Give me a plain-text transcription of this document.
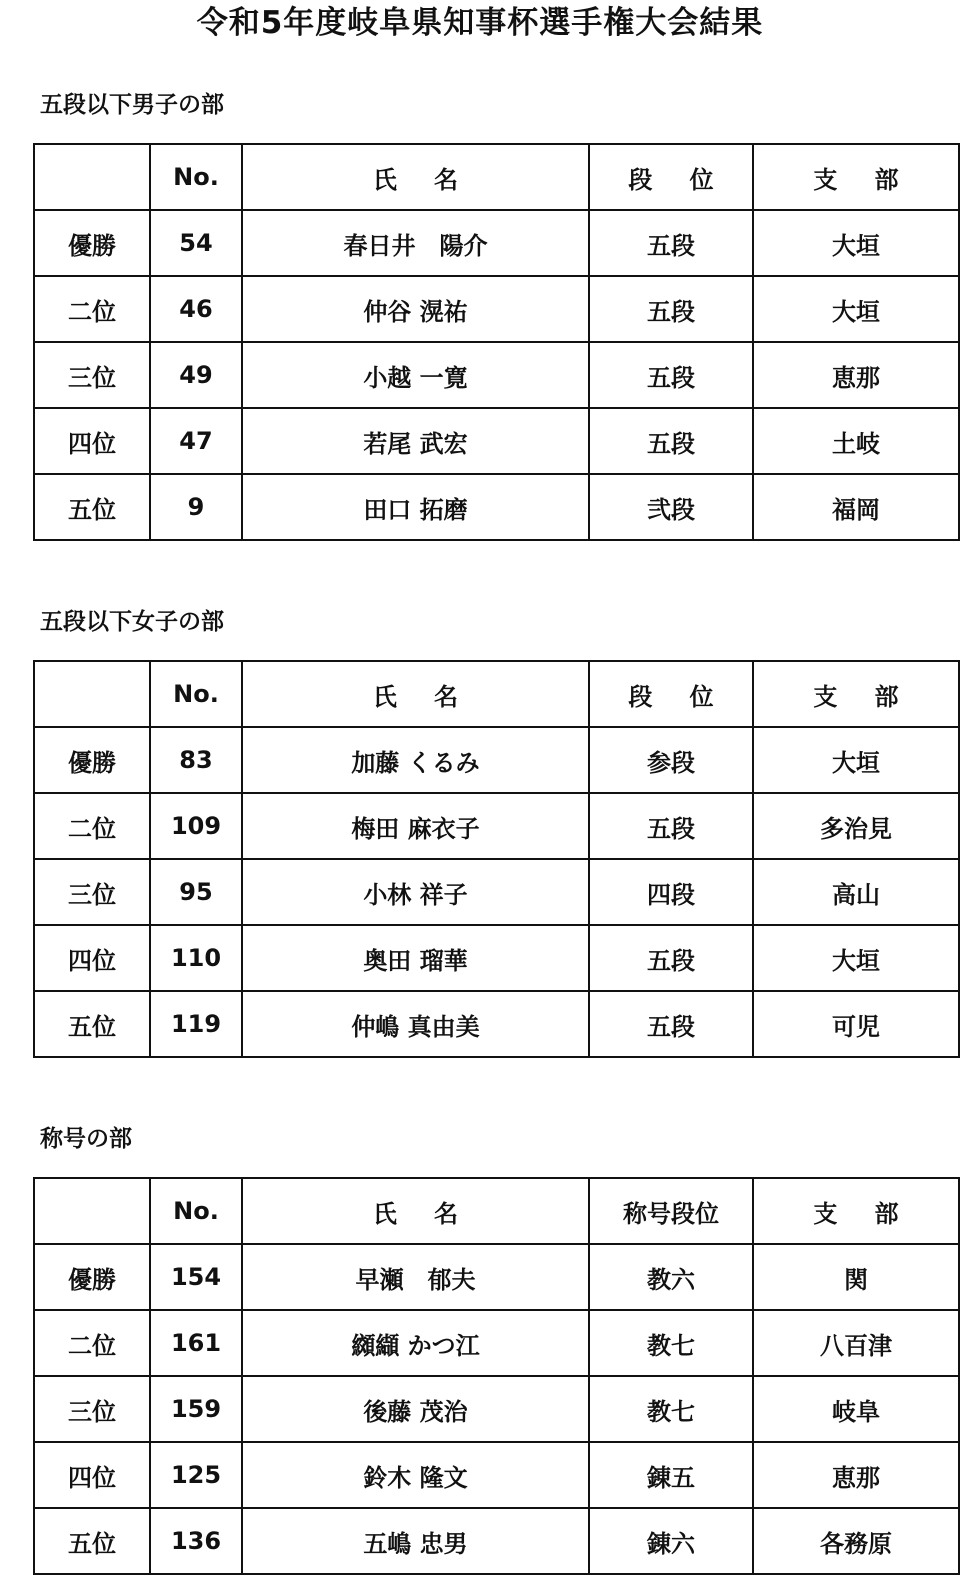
令和5年度岐阜県知事杯選手権大会結果
五段以下男子の部
	No.	氏 名	段 位	支 部
優勝	54	春日井　陽介	五段	大垣
二位	46	仲谷 滉祐	五段	大垣
三位	49	小越 一寛	五段	恵那
四位	47	若尾 武宏	五段	土岐
五位	9	田口 拓磨	弐段	福岡
五段以下女子の部
	No.	氏 名	段 位	支 部
優勝	83	加藤 くるみ	参段	大垣
二位	109	梅田 麻衣子	五段	多治見
三位	95	小林 祥子	四段	高山
四位	110	奥田 瑠華	五段	大垣
五位	119	仲嶋 真由美	五段	可児
称号の部
	No.	氏 名	称号段位	支 部
優勝	154	早瀬　郁夫	教六	関
二位	161	纐纈 かつ江	教七	八百津
三位	159	後藤 茂治	教七	岐阜
四位	125	鈴木 隆文	錬五	恵那
五位	136	五嶋 忠男	錬六	各務原
